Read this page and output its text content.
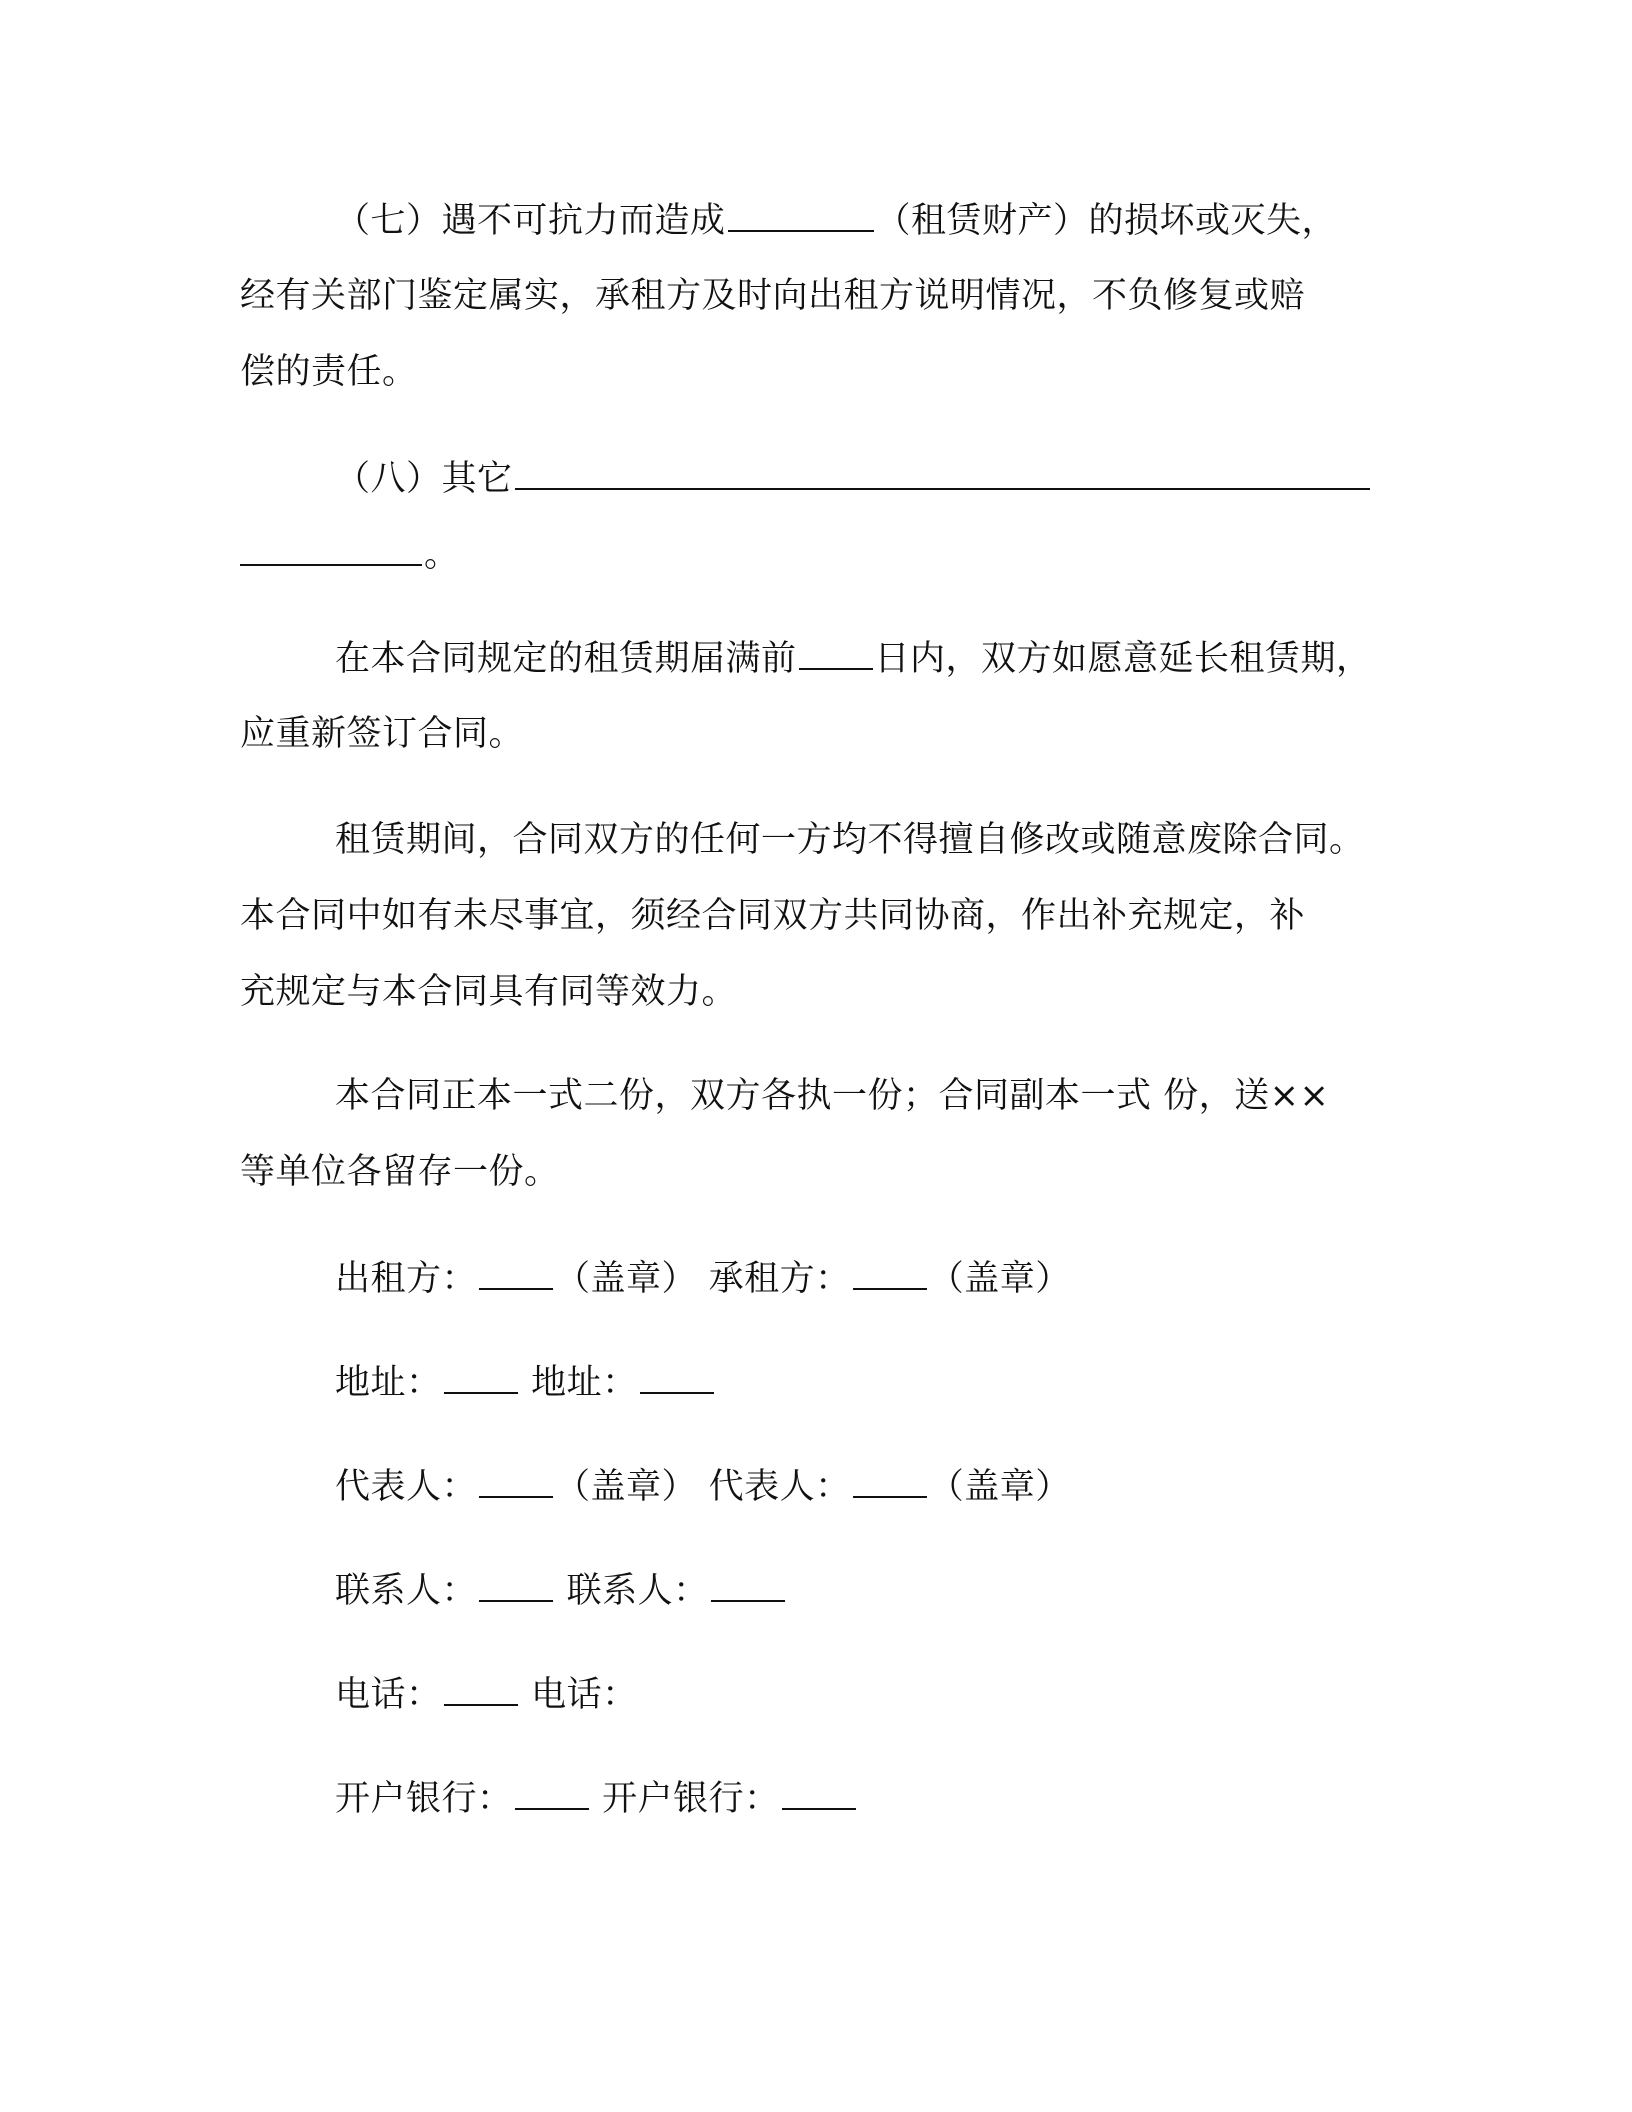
（七）遇不可抗力而造成	（租赁财产）的损坏或灭失，
经有关部门鉴定属实，承租方及时向出租方说明情况，不负修复或赔
偿的责任。
（八）其它
。
在本合同规定的租赁期届满前 日内，双方如愿意延长租赁期，
应重新签订合同。
租赁期间，合同双方的任何一方均不得擅自修改或随意废除合同。
本合同中如有未尽事宜，须经合同双方共同协商，作出补充规定，补
充规定与本合同具有同等效力。
本合同正本一式二份，双方各执一份；合同副本一式 份，送××
等单位各留存一份。
出租方： （盖章） 承租方： （盖章）
地址：	地址：
代表人： （盖章） 代表人： （盖章）
联系人：	联系人：
电话：	电话：
开户银行：	开户银行：
